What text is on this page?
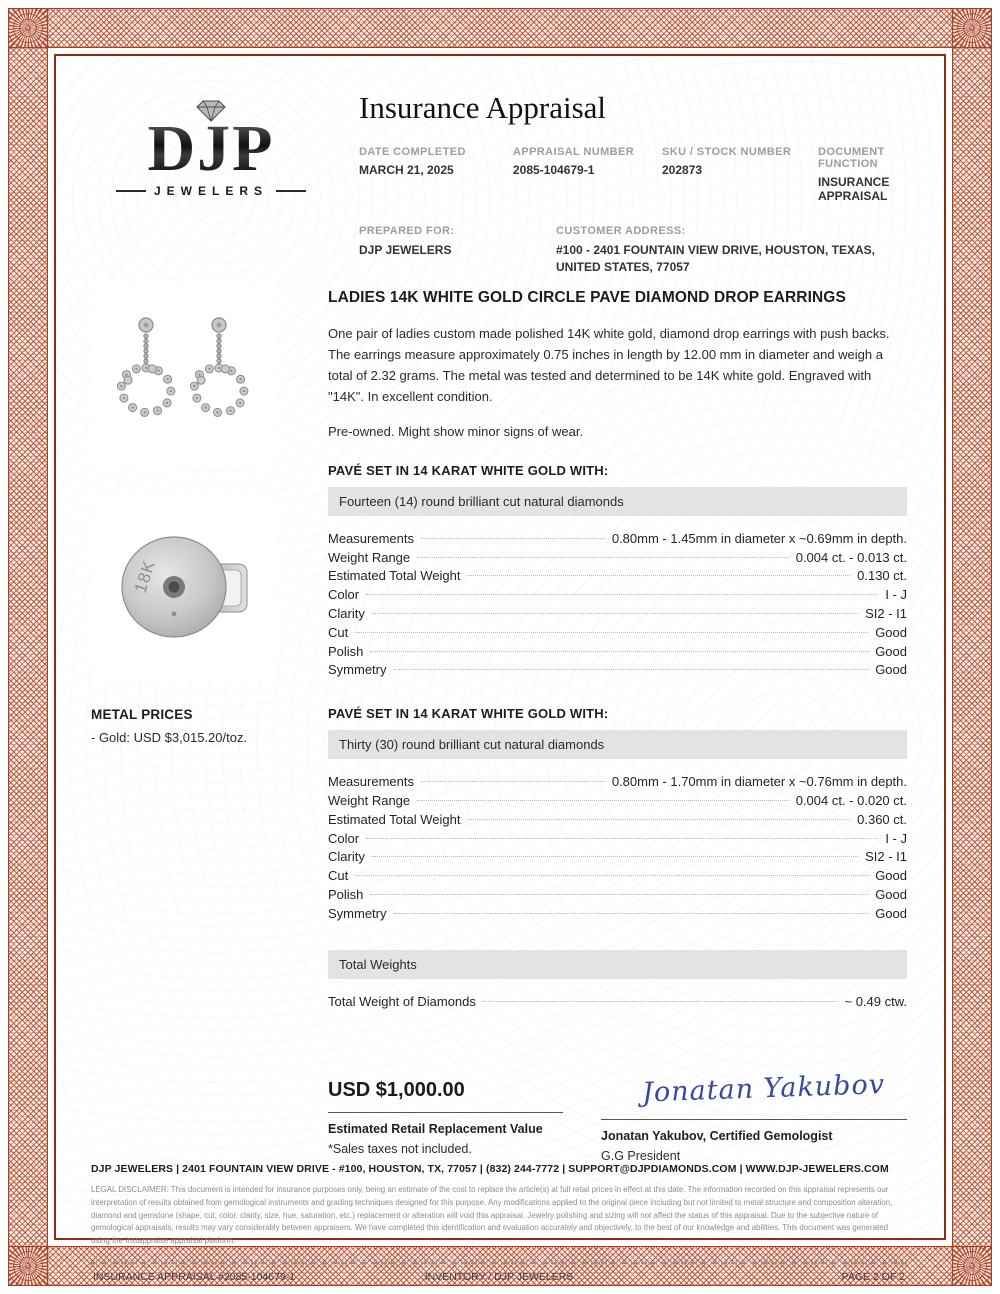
DJP
JEWELERS
Insurance Appraisal
DATE COMPLETED
MARCH 21, 2025
APPRAISAL NUMBER
2085-104679-1
SKU / STOCK NUMBER
202873
DOCUMENT FUNCTION
INSURANCE APPRAISAL
PREPARED FOR:
DJP JEWELERS
CUSTOMER ADDRESS:
#100 - 2401 FOUNTAIN VIEW DRIVE, HOUSTON, TEXAS, UNITED STATES, 77057
18K
METAL PRICES
- Gold: USD $3,015.20/toz.
LADIES 14K WHITE GOLD CIRCLE PAVE DIAMOND DROP EARRINGS
One pair of ladies custom made polished 14K white gold, diamond drop earrings with push backs. The earrings measure approximately 0.75 inches in length by 12.00 mm in diameter and weigh a total of 2.32 grams. The metal was tested and determined to be 14K white gold. Engraved with "14K". In excellent condition.
Pre-owned. Might show minor signs of wear.
PAVÉ SET IN 14 KARAT WHITE GOLD WITH:
Fourteen (14) round brilliant cut natural diamonds
Measurements	0.80mm - 1.45mm in diameter x ~0.69mm in depth.
Weight Range	0.004 ct. - 0.013 ct.
Estimated Total Weight	0.130 ct.
Color	I - J
Clarity	SI2 - I1
Cut	Good
Polish	Good
Symmetry	Good
PAVÉ SET IN 14 KARAT WHITE GOLD WITH:
Thirty (30) round brilliant cut natural diamonds
Measurements	0.80mm - 1.70mm in diameter x ~0.76mm in depth.
Weight Range	0.004 ct. - 0.020 ct.
Estimated Total Weight	0.360 ct.
Color	I - J
Clarity	SI2 - I1
Cut	Good
Polish	Good
Symmetry	Good
Total Weights
Total Weight of Diamonds	~ 0.49 ctw.
USD $1,000.00
Estimated Retail Replacement Value
*Sales taxes not included.
Jonatan Yakubov
Jonatan Yakubov, Certified Gemologist
G.G President
DJP JEWELERS | 2401 FOUNTAIN VIEW DRIVE - #100, HOUSTON, TX, 77057 | (832) 244-7772 | SUPPORT@DJPDIAMONDS.COM | WWW.DJP-JEWELERS.COM
LEGAL DISCLAIMER: This document is intended for insurance purposes only, being an estimate of the cost to replace the article(s) at full retail prices in effect at this date. The information recorded on this appraisal represents our interpretation of results obtained from gemological instruments and grading techniques designed for this purpose. Any modifications applied to the original piece including but not limited to metal structure and composition alteration, diamond and gemstone (shape, cut, color, clarity, size, hue, saturation, etc.) replacement or alteration will void this appraisal. Jewelry polishing and sizing will not affect the status of this appraisal. Due to the subjective nature of gemological appraisals, results may vary considerably between appraisers. We have completed this identification and evaluation accurately and objectively, to the best of our knowledge and abilities. This document was generated using the Instappraise appraisal platform.
INSURANCE APPRAISAL #2085-104679-1	INVENTORY / DJP JEWELERS	PAGE 2 OF 2
